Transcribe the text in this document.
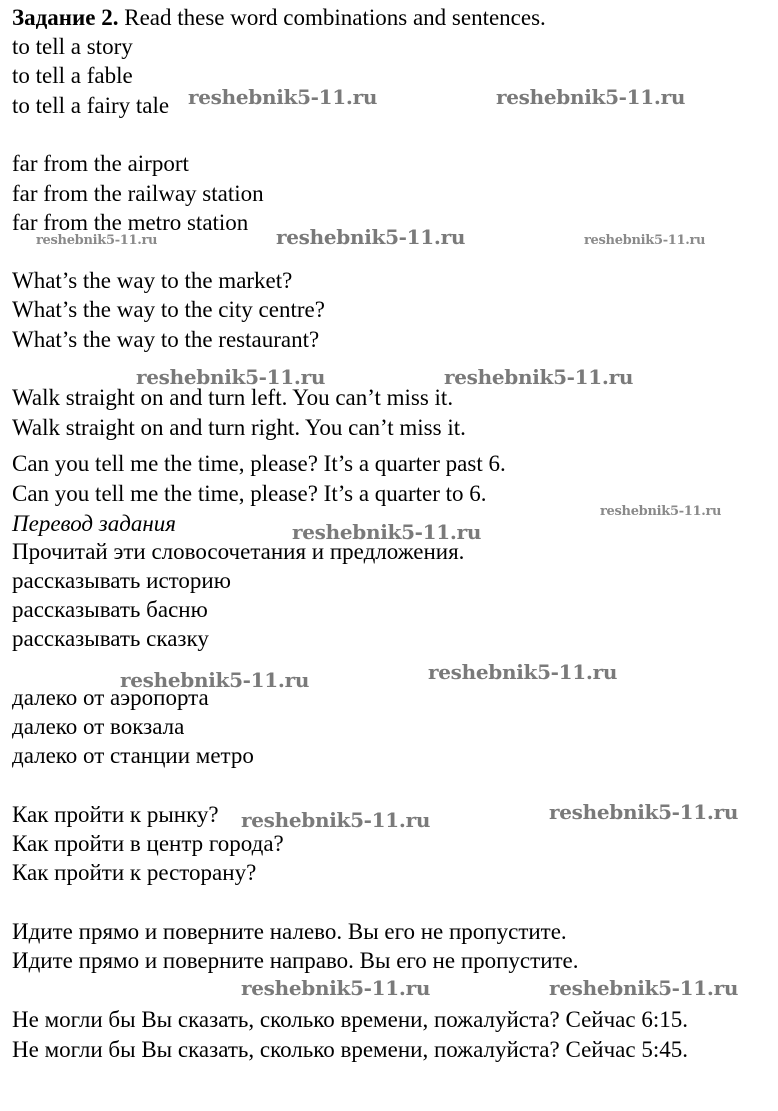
Задание 2. Read these word combinations and sentences.

to tell a story

to tell a fable

to tell a fairy tale

far from the airport

far from the railway station

far from the metro station

What’s the way to the market?

What’s the way to the city centre?

What’s the way to the restaurant?

Walk straight on and turn left. You can’t miss it.

Walk straight on and turn right. You can’t miss it.

Can you tell me the time, please? It’s a quarter past 6.

Can you tell me the time, please? It’s a quarter to 6.

Перевод задания

Прочитай эти словосочетания и предложения.

рассказывать историю

рассказывать басню

рассказывать сказку

далеко от аэропорта

далеко от вокзала

далеко от станции метро

Как пройти к рынку?

Как пройти в центр города?

Как пройти к ресторану?

Идите прямо и поверните налево. Вы его не пропустите.

Идите прямо и поверните направо. Вы его не пропустите.

Не могли бы Вы сказать, сколько времени, пожалуйста? Сейчас 6:15.

Не могли бы Вы сказать, сколько времени, пожалуйста? Сейчас 5:45.

reshebnik5-11.ru	reshebnik5-11.ru
reshebnik5-11.ru	reshebnik5-11.ru	reshebnik5-11.ru
reshebnik5-11.ru	reshebnik5-11.ru
reshebnik5-11.ru
reshebnik5-11.ru
reshebnik5-11.ru	reshebnik5-11.ru
reshebnik5-11.ru	reshebnik5-11.ru
reshebnik5-11.ru	reshebnik5-11.ru
